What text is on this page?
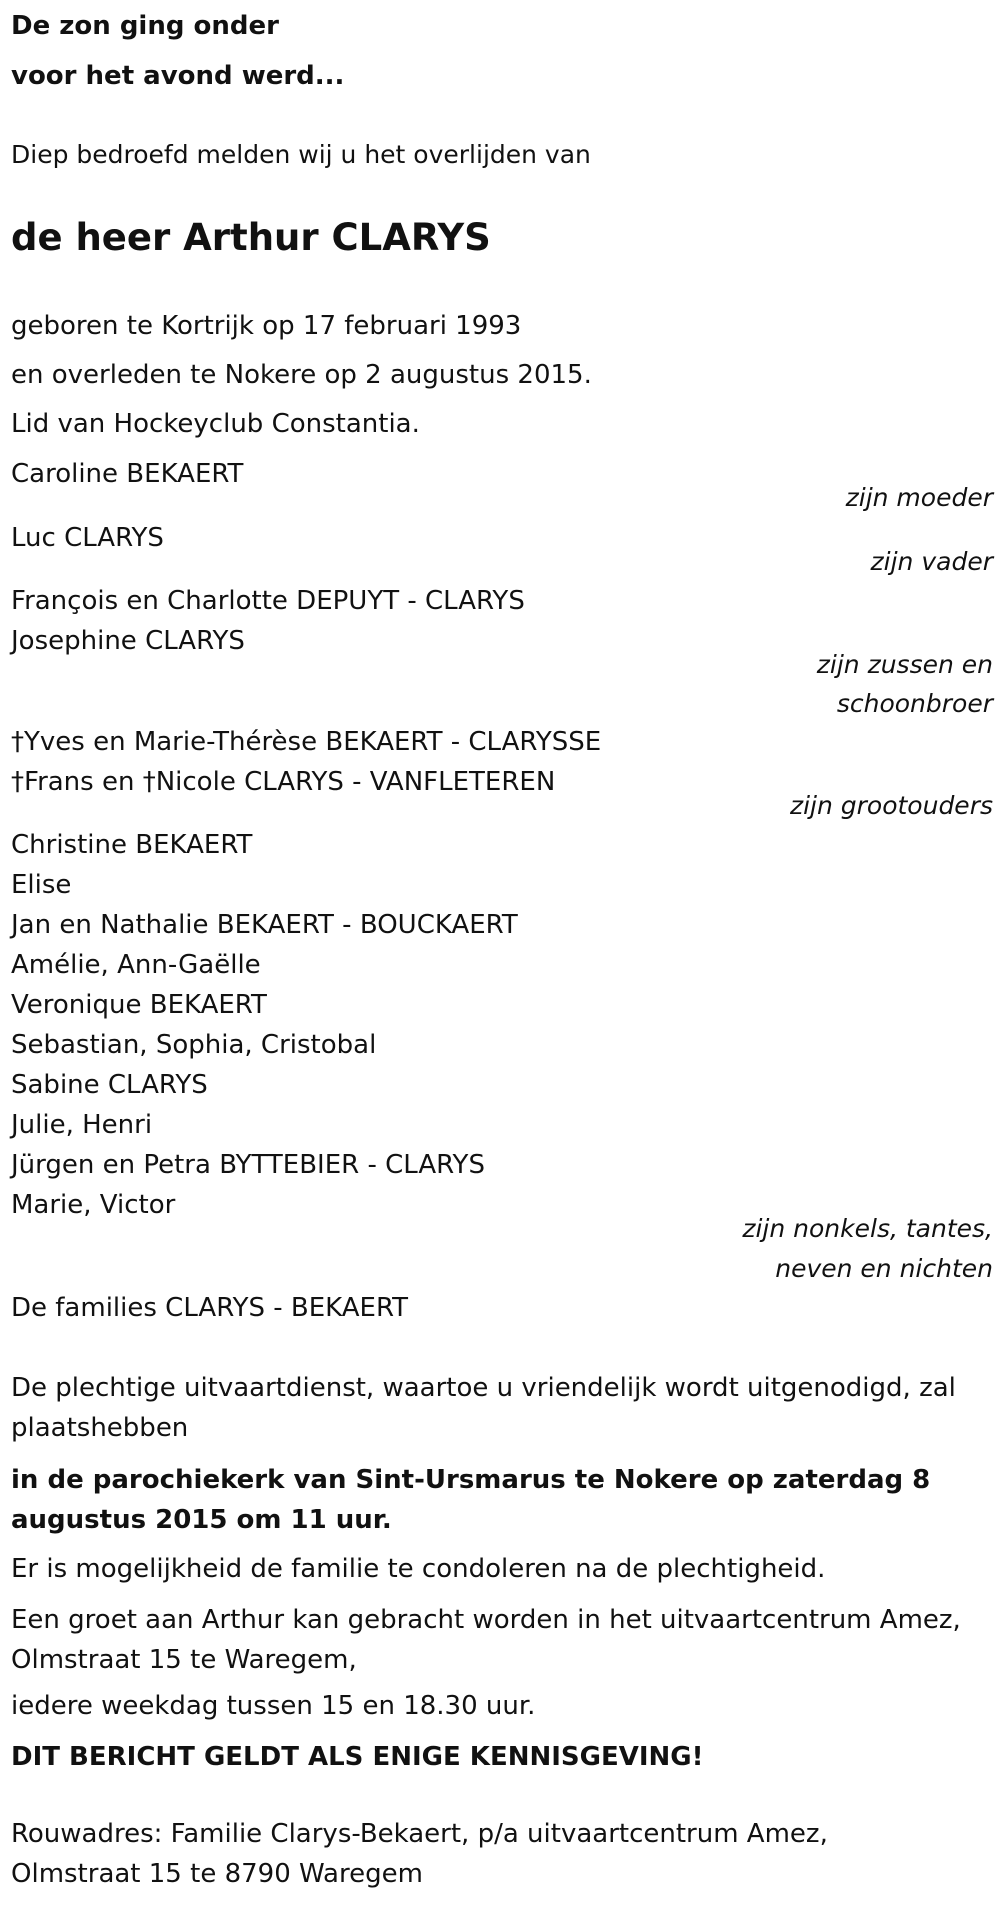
De zon ging onder
voor het avond werd...
Diep bedroefd melden wij u het overlijden van
de heer Arthur CLARYS
geboren te Kortrijk op 17 februari 1993
en overleden te Nokere op 2 augustus 2015.
Lid van Hockeyclub Constantia.
Caroline BEKAERT
zijn moeder
Luc CLARYS
zijn vader
François en Charlotte DEPUYT - CLARYS
Josephine CLARYS
zijn zussen en
schoonbroer
†Yves en Marie-Thérèse BEKAERT - CLARYSSE
†Frans en †Nicole CLARYS - VANFLETEREN
zijn grootouders
Christine BEKAERT
Elise
Jan en Nathalie BEKAERT - BOUCKAERT
Amélie, Ann-Gaëlle
Veronique BEKAERT
Sebastian, Sophia, Cristobal
Sabine CLARYS
Julie, Henri
Jürgen en Petra BYTTEBIER - CLARYS
Marie, Victor
zijn nonkels, tantes,
neven en nichten
De families CLARYS - BEKAERT
De plechtige uitvaartdienst, waartoe u vriendelijk wordt uitgenodigd, zal plaatshebben
in de parochiekerk van Sint-Ursmarus te Nokere op zaterdag 8 augustus 2015 om 11 uur.
Er is mogelijkheid de familie te condoleren na de plechtigheid.
Een groet aan Arthur kan gebracht worden in het uitvaartcentrum Amez, Olmstraat 15 te Waregem,
iedere weekdag tussen 15 en 18.30 uur.
DIT BERICHT GELDT ALS ENIGE KENNISGEVING!
Rouwadres: Familie Clarys-Bekaert, p/a uitvaartcentrum Amez, Olmstraat 15 te 8790 Waregem
